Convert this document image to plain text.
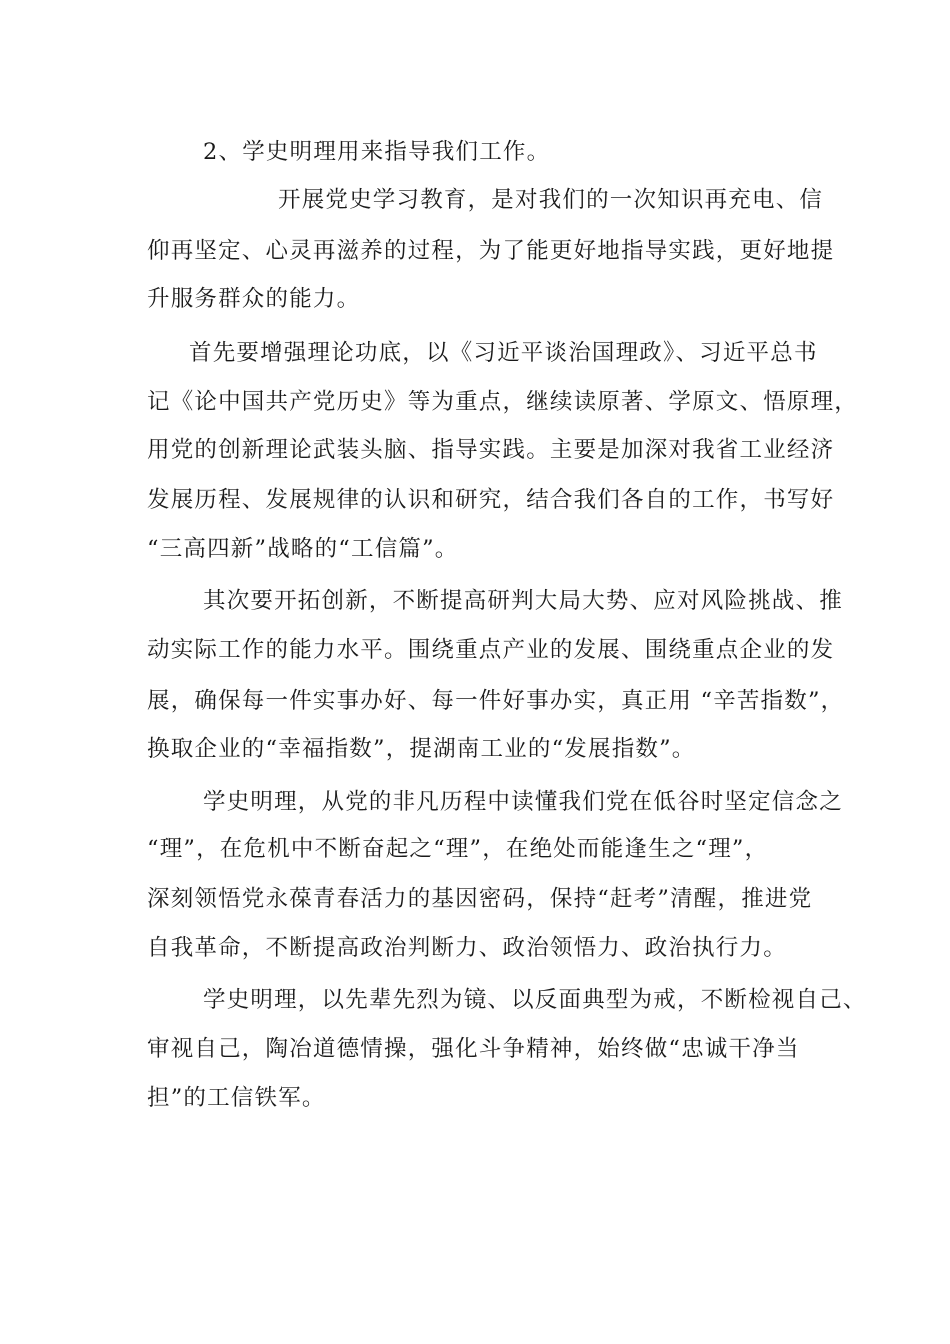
2、学史明理用来指导我们工作。
开展党史学习教育，是对我们的一次知识再充电、信
仰再坚定、心灵再滋养的过程，为了能更好地指导实践，更好地提
升服务群众的能力。
首先要增强理论功底，以《习近平谈治国理政》、习近平总书
记《论中国共产党历史》等为重点，继续读原著、学原文、悟原理，
用党的创新理论武装头脑、指导实践。主要是加深对我省工业经济
发展历程、发展规律的认识和研究，结合我们各自的工作，书写好
“三高四新”战略的“工信篇”。
其次要开拓创新，不断提高研判大局大势、应对风险挑战、推
动实际工作的能力水平。围绕重点产业的发展、围绕重点企业的发
展，确保每一件实事办好、每一件好事办实，真正用 “辛苦指数”，
换取企业的“幸福指数”，提湖南工业的“发展指数”。
学史明理，从党的非凡历程中读懂我们党在低谷时坚定信念之
“理”，在危机中不断奋起之“理”，在绝处而能逢生之“理”，
深刻领悟党永葆青春活力的基因密码，保持“赶考”清醒，推进党
自我革命，不断提高政治判断力、政治领悟力、政治执行力。
学史明理，以先辈先烈为镜、以反面典型为戒，不断检视自己、
审视自己，陶冶道德情操，强化斗争精神，始终做“忠诚干净当
担”的工信铁军。
